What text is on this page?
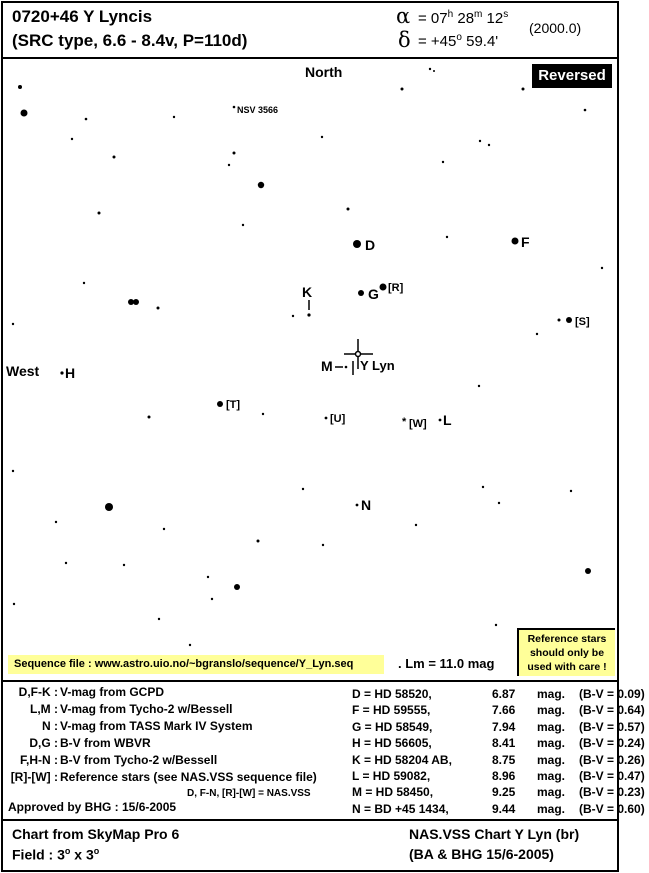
0720+46 Y Lyncis
(SRC type, 6.6 - 8.4v, P=110d)
$\alpha = 07^h$ 28$^m$ 12$^s$
$\delta = +45^o$ 59.4'
(2000.0)
NSV 3566
North
West
D	F
G [R]
K
[S]
H	M Y Lyn
[T]
[U]	* [W] L
N
Reversed
Sequence file : www.astro.uio.no/~bgranslo/sequence/Y_Lyn.seq	. Lm = 11.0 mag
Reference stars
should only be
used with care !
D,F-K : V-mag from GCPD
L,M : V-mag from Tycho-2 w/Bessell
N : V-mag from TASS Mark IV System
D,G : B-V from WBVR
F,H-N : B-V from Tycho-2 w/Bessell
[R]-[W] : Reference stars (see NAS.VSS sequence file)
D, F-N, [R]-[W] = NAS.VSS
Approved by BHG : 15/6-2005
D = HD 58520,	6.87	mag.	(B-V = 0.09)
F = HD 59555,	7.66	mag.	(B-V = 0.64)
G = HD 58549,	7.94	mag.	(B-V = 0.57)
H = HD 56605,	8.41	mag.	(B-V = 0.24)
K = HD 58204 AB,	8.75	mag.	(B-V = 0.26)
L = HD 59082,	8.96	mag.	(B-V = 0.47)
M = HD 58450,	9.25	mag.	(B-V = 0.23)
N = BD +45 1434,	9.44	mag.	(B-V = 0.60)
Chart from SkyMap Pro 6
Field : 3$^o$ x 3$^o$
NAS.VSS Chart Y Lyn (br)
(BA & BHG 15/6-2005)
